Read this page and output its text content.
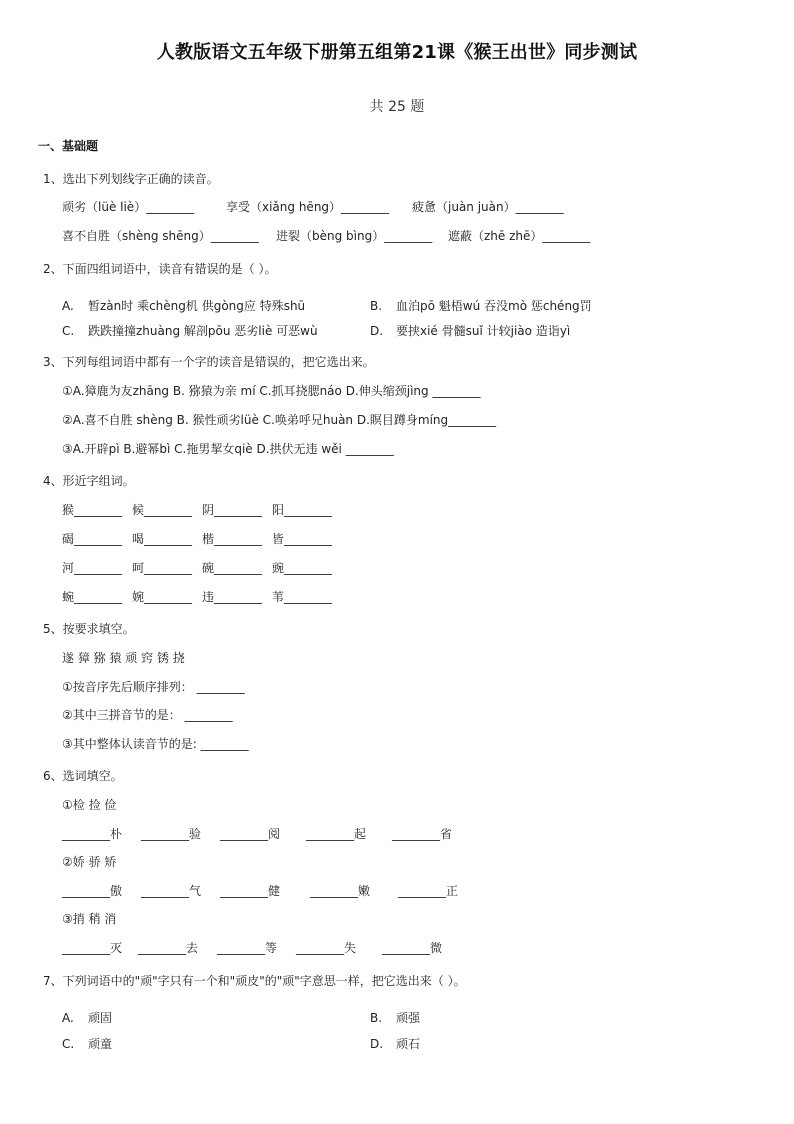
人教版语文五年级下册第五组第21课《猴王出世》同步测试
共 25 题
一、基础题
1、选出下列划线字正确的读音。
顽劣（lüè liè）________	享受（xiǎng hēng）________ 疲惫（juàn juàn）________
喜不自胜（shèng shēng）________ 进裂（bèng bìng）________ 遮蔽（zhē zhē）________
2、下面四组词语中，读音有错误的是（ ）。
A. 暂zàn时 乘chèng机 供gòng应 特殊shū	B. 血泊pō 魁梧wú 吞没mò 惩chéng罚
C. 跌跌撞撞zhuàng 解剖pōu 恶劣liè 可恶wù	D. 要挟xié 骨髓suǐ 计较jiào 造诣yì
3、下列每组词语中都有一个字的读音是错误的，把它选出来。
①A.獐鹿为友zhāng B. 猕猿为亲 mí C.抓耳挠腮náo D.伸头缩颈jìng ________
②A.喜不自胜 shèng B. 猴性顽劣lüè C.唤弟呼兄huàn D.瞑目蹲身míng________
③A.开辟pì B.避幂bì C.拖男挈女qiè D.拱伏无违 wěi ________
4、形近字组词。
猴________ 候________ 阴________ 阳________
碣________ 喝________ 楷________ 皆________
河________ 呵________ 碗________ 豌________
蜿________ 婉________ 违________ 苇________
5、按要求填空。
遂 獐 猕 猿 顽 窍 锈 挠
①按音序先后顺序排列： ________
②其中三拼音节的是： ________
③其中整体认读音节的是: ________
6、选词填空。
①检 捡 俭
________朴 ________验 ________阅 ________起 ________省
②娇 骄 矫
________傲 ________气 ________健 ________嫩 ________正
③捎 稍 消
________灭 ________去 ________等 ________失 ________微
7、下列词语中的"顽"字只有一个和"顽皮"的"顽"字意思一样，把它选出来（ ）。
A. 顽固	B. 顽强
C. 顽童	D. 顽石
